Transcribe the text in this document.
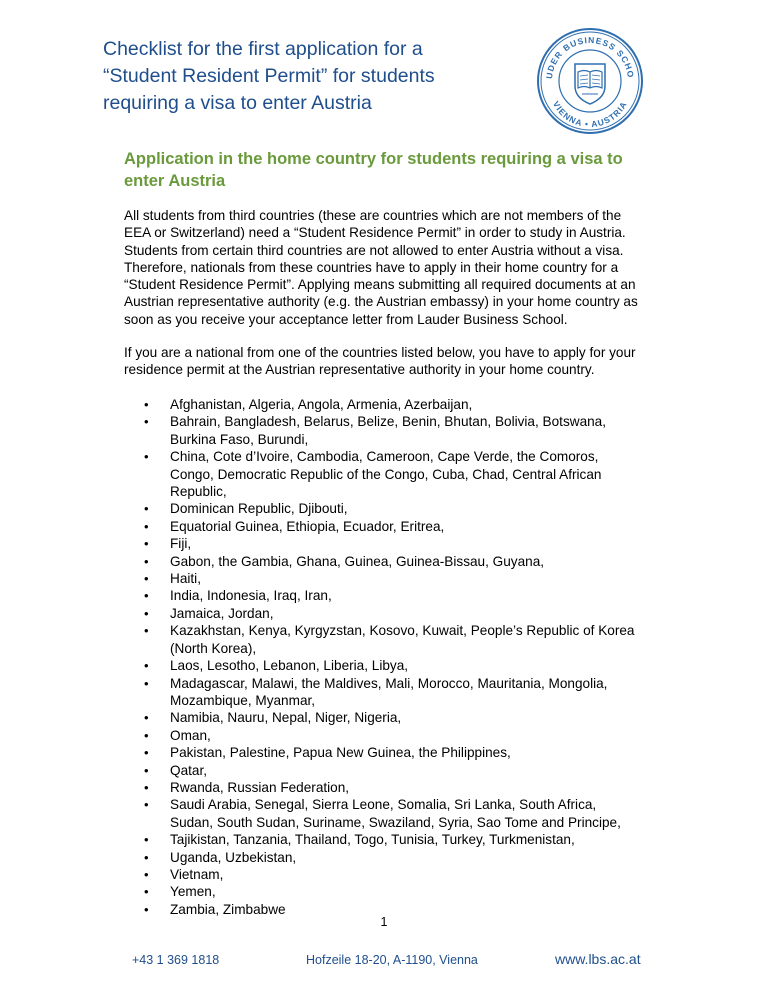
Checklist for the first application for a
“Student Resident Permit” for students
requiring a visa to enter Austria
UDER BUSINESS SCHO
VIENNA • AUSTRIA
Application in the home country for students requiring a visa to enter Austria

All students from third countries (these are countries which are not members of the EEA or Switzerland) need a “Student Residence Permit” in order to study in Austria. Students from certain third countries are not allowed to enter Austria without a visa. Therefore, nationals from these countries have to apply in their home country for a “Student Residence Permit”. Applying means submitting all required documents at an Austrian representative authority (e.g. the Austrian embassy) in your home country as soon as you receive your acceptance letter from Lauder Business School.

If you are a national from one of the countries listed below, you have to apply for your residence permit at the Austrian representative authority in your home country.

• Afghanistan, Algeria, Angola, Armenia, Azerbaijan,
• Bahrain, Bangladesh, Belarus, Belize, Benin, Bhutan, Bolivia, Botswana, Burkina Faso, Burundi,
• China, Cote d’Ivoire, Cambodia, Cameroon, Cape Verde, the Comoros, Congo, Democratic Republic of the Congo, Cuba, Chad, Central African Republic,
• Dominican Republic, Djibouti,
• Equatorial Guinea, Ethiopia, Ecuador, Eritrea,
• Fiji,
• Gabon, the Gambia, Ghana, Guinea, Guinea-Bissau, Guyana,
• Haiti,
• India, Indonesia, Iraq, Iran,
• Jamaica, Jordan,
• Kazakhstan, Kenya, Kyrgyzstan, Kosovo, Kuwait, People’s Republic of Korea (North Korea),
• Laos, Lesotho, Lebanon, Liberia, Libya,
• Madagascar, Malawi, the Maldives, Mali, Morocco, Mauritania, Mongolia, Mozambique, Myanmar,
• Namibia, Nauru, Nepal, Niger, Nigeria,
• Oman,
• Pakistan, Palestine, Papua New Guinea, the Philippines,
• Qatar,
• Rwanda, Russian Federation,
• Saudi Arabia, Senegal, Sierra Leone, Somalia, Sri Lanka, South Africa, Sudan, South Sudan, Suriname, Swaziland, Syria, Sao Tome and Principe,
• Tajikistan, Tanzania, Thailand, Togo, Tunisia, Turkey, Turkmenistan,
• Uganda, Uzbekistan,
• Vietnam,
• Yemen,
• Zambia, Zimbabwe
1
+43 1 369 1818	Hofzeile 18-20, A-1190, Vienna	www.lbs.ac.at
